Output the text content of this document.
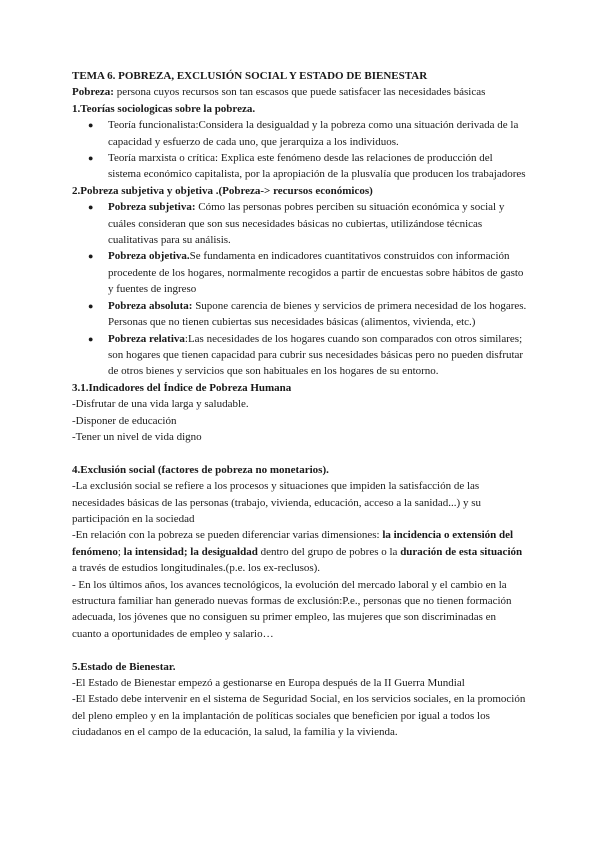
TEMA 6. POBREZA, EXCLUSIÓN SOCIAL Y ESTADO DE BIENESTAR

Pobreza: persona cuyos recursos son tan escasos que puede satisfacer las necesidades básicas

1.Teorías sociologicas sobre la pobreza.

● Teoría funcionalista:Considera la desigualdad y la pobreza como una situación derivada de la capacidad y esfuerzo de cada uno, que jerarquiza a los individuos.
● Teoría marxista o crítica: Explica este fenómeno desde las relaciones de producción del sistema económico capitalista, por la apropiación de la plusvalía que producen los trabajadores

2.Pobreza subjetiva y objetiva .(Pobreza-> recursos económicos)

● Pobreza subjetiva: Cómo las personas pobres perciben su situación económica y social y cuáles consideran que son sus necesidades básicas no cubiertas, utilizándose técnicas cualitativas para su análisis.
● Pobreza objetiva.Se fundamenta en indicadores cuantitativos construidos con información procedente de los hogares, normalmente recogidos a partir de encuestas sobre hábitos de gasto y fuentes de ingreso
● Pobreza absoluta: Supone carencia de bienes y servicios de primera necesidad de los hogares. Personas que no tienen cubiertas sus necesidades básicas (alimentos, vivienda, etc.)
● Pobreza relativa:Las necesidades de los hogares cuando son comparados con otros similares; son hogares que tienen capacidad para cubrir sus necesidades básicas pero no pueden disfrutar de otros bienes y servicios que son habituales en los hogares de su entorno.

3.1.Indicadores del Índice de Pobreza Humana

-Disfrutar de una vida larga y saludable.

-Disponer de educación

-Tener un nivel de vida digno

4.Exclusión social (factores de pobreza no monetarios).

-La exclusión social se refiere a los procesos y situaciones que impiden la satisfacción de las necesidades básicas de las personas (trabajo, vivienda, educación, acceso a la sanidad...) y su participación en la sociedad

-En relación con la pobreza se pueden diferenciar varias dimensiones: la incidencia o extensión del fenómeno; la intensidad; la desigualdad dentro del grupo de pobres o la duración de esta situación a través de estudios longitudinales.(p.e. los ex-reclusos).

- En los últimos años, los avances tecnológicos, la evolución del mercado laboral y el cambio en la estructura familiar han generado nuevas formas de exclusión:P.e., personas que no tienen formación adecuada, los jóvenes que no consiguen su primer empleo, las mujeres que son discriminadas en cuanto a oportunidades de empleo y salario…

5.Estado de Bienestar.

-El Estado de Bienestar empezó a gestionarse en Europa después de la II Guerra Mundial

-El Estado debe intervenir en el sistema de Seguridad Social, en los servicios sociales, en la promoción del pleno empleo y en la implantación de políticas sociales que beneficien por igual a todos los ciudadanos en el campo de la educación, la salud, la familia y la vivienda.
